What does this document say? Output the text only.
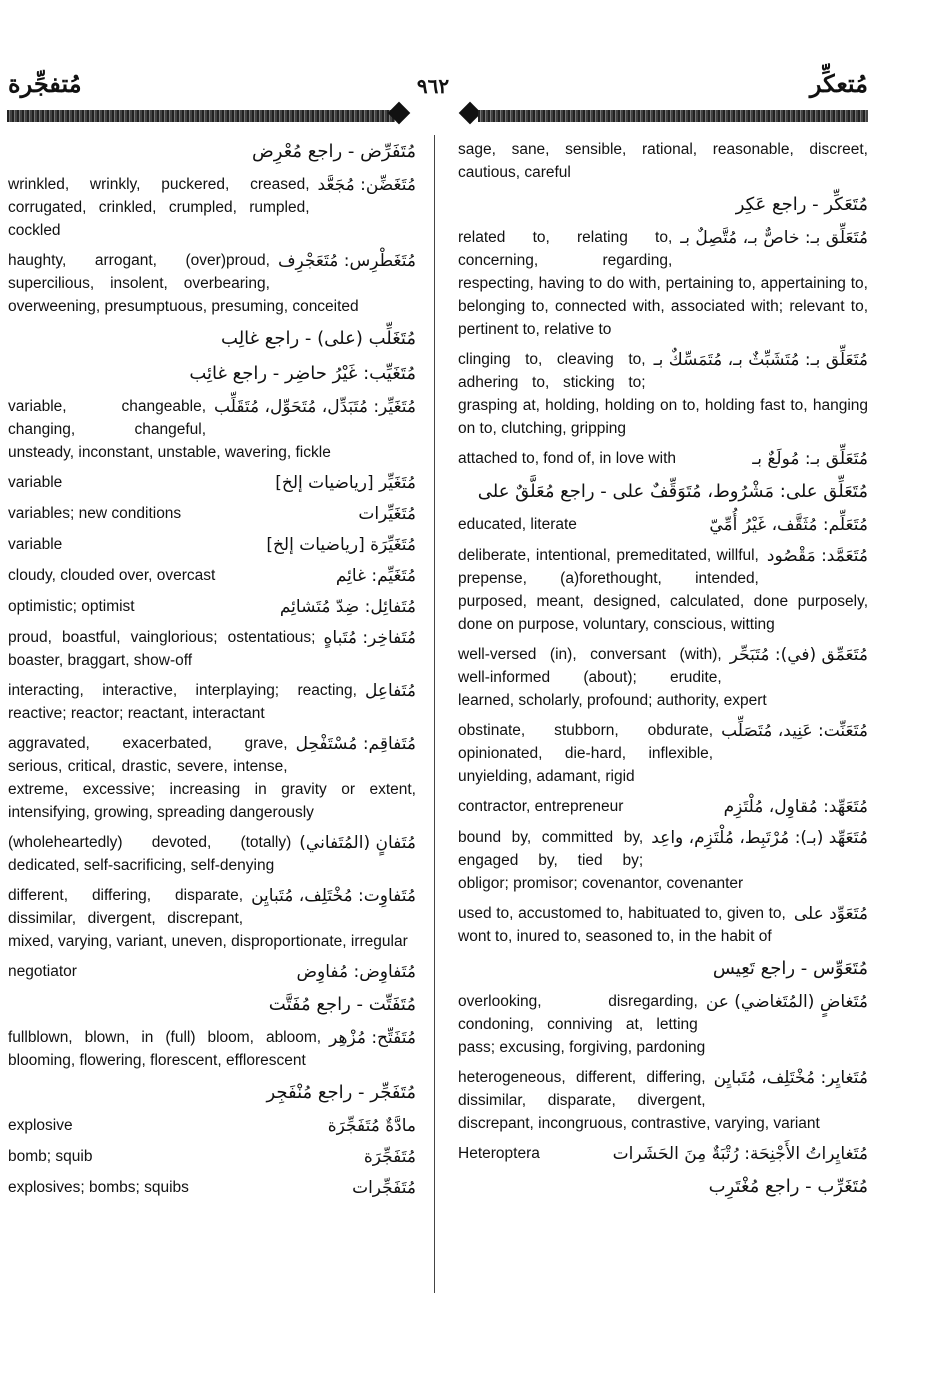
مُتفجِّرة	٩٦٢	مُتعكِّر
مُتَفَرِّض - راجع مُعْرِض
مُتَغَضِّن: مُجَعَّد
wrinkled, wrinkly, puckered, creased, corrugated, crinkled, crumpled, rumpled, cockled
مُتَغَطْرِس: مُتَعَجْرِف
haughty, arrogant, (over)proud, supercilious, insolent, overbearing, overweening, presumptuous, presuming, conceited
مُتَغَلِّب (على) - راجع غالِب
مُتَغَيِّب: غَيْرُ حاضِر - راجع غائِب
مُتَغَيِّر: مُتَبَدِّل، مُتَحَوِّل، مُتَقَلِّب
variable, changeable, changing, changeful, unsteady, inconstant, unstable, wavering, fickle
مُتَغَيِّر [رياضيات إلخ]
variable
مُتَغَيِّرات
variables; new conditions
مُتَغَيِّرَة [رياضيات إلخ]
variable
مُتَغَيِّم: غائِم
cloudy, clouded over, overcast
مُتَفائِل: ضِدّ مُتَشائِم
optimistic; optimist
مُتَفاخِر: مُتَباهٍ
proud, boastful, vainglorious; ostentatious; boaster, braggart, show-off
مُتَفاعِل
interacting, interactive, interplaying; reacting, reactive; reactor; reactant, interactant
مُتَفاقِم: مُسْتَفْحِل
aggravated, exacerbated, grave, serious, critical, drastic, severe, intense, extreme, excessive; increasing in gravity or extent, intensifying, growing, spreading dangerously
مُتَفانٍ (المُتَفاني)
(wholeheartedly) devoted, (totally) dedicated, self-sacrificing, self-denying
مُتَفاوِت: مُخْتَلِف، مُتَبايِن
different, differing, disparate, dissimilar, divergent, discrepant, mixed, varying, variant, uneven, disproportionate, irregular
مُتَفاوِض: مُفاوِض
negotiator
مُتَفَتِّت - راجع مُفَتَّت
مُتَفَتِّح: مُزْهِر
fullblown, blown, in (full) bloom, abloom, blooming, flowering, florescent, efflorescent
مُتَفَجِّر - راجع مُنْفَجِر
مادَّةٌ مُتَفَجِّرَة
explosive
مُتَفَجِّرَة
bomb; squib
مُتَفَجِّرات
explosives; bombs; squibs
sage, sane, sensible, rational, reasonable, discreet, cautious, careful
مُتَعَكِّر - راجع عَكِر
مُتَعَلِّق بـ: خاصٌّ بـ، مُتَّصِلٌ بـ
related to, relating to, concerning, regarding, respecting, having to do with, pertaining to, appertaining to, belonging to, connected with, associated with; relevant to, pertinent to, relative to
مُتَعَلِّق بـ: مُتَشَبِّثٌ بـ، مُتَمَسِّكٌ بـ
clinging to, cleaving to, adhering to, sticking to; grasping at, holding, holding on to, holding fast to, hanging on to, clutching, gripping
مُتَعَلِّق بـ: مُولَعٌ بـ
attached to, fond of, in love with
مُتَعَلِّق على: مَشْرُوط، مُتَوَقِّفٌ على - راجع مُعَلَّقٌ على
مُتَعَلِّم: مُثَقَّف، غَيْرُ أُمِّيّ
educated, literate
مُتَعَمَّد: مَقْصُود
deliberate, intentional, premeditated, willful, prepense, (a)forethought, intended, purposed, meant, designed, calculated, done purposely, done on purpose, voluntary, conscious, witting
مُتَعَمِّق (في): مُتَبَحِّر
well-versed (in), conversant (with), well-informed (about); erudite, learned, scholarly, profound; authority, expert
مُتَعَنِّت: عَنِيد، مُتَصَلِّب
obstinate, stubborn, obdurate, opinionated, die-hard, inflexible, unyielding, adamant, rigid
مُتَعَهِّد: مُقاوِل، مُلْتَزِم
contractor, entrepreneur
مُتَعَهِّد (بـ): مُرْتَبِط، مُلْتَزِم، واعِد
bound by, committed by, engaged by, tied by; obligor; promisor; covenantor, covenanter
مُتَعَوِّد على
used to, accustomed to, habituated to, given to, wont to, inured to, seasoned to, in the habit of
مُتَعَوِّس - راجع تَعِيس
مُتَغاضٍ (المُتَغاضي) عن
overlooking, disregarding, condoning, conniving at, letting pass; excusing, forgiving, pardoning
مُتَغايِر: مُخْتَلِف، مُتَبايِن
heterogeneous, different, differing, dissimilar, disparate, divergent, discrepant, incongruous, contrastive, varying, variant
مُتَغايِراتُ الأَجْنِحَة: رُتْبَةٌ مِنَ الحَشَرات
Heteroptera
مُتَغَرِّب - راجع مُغْتَرِب
